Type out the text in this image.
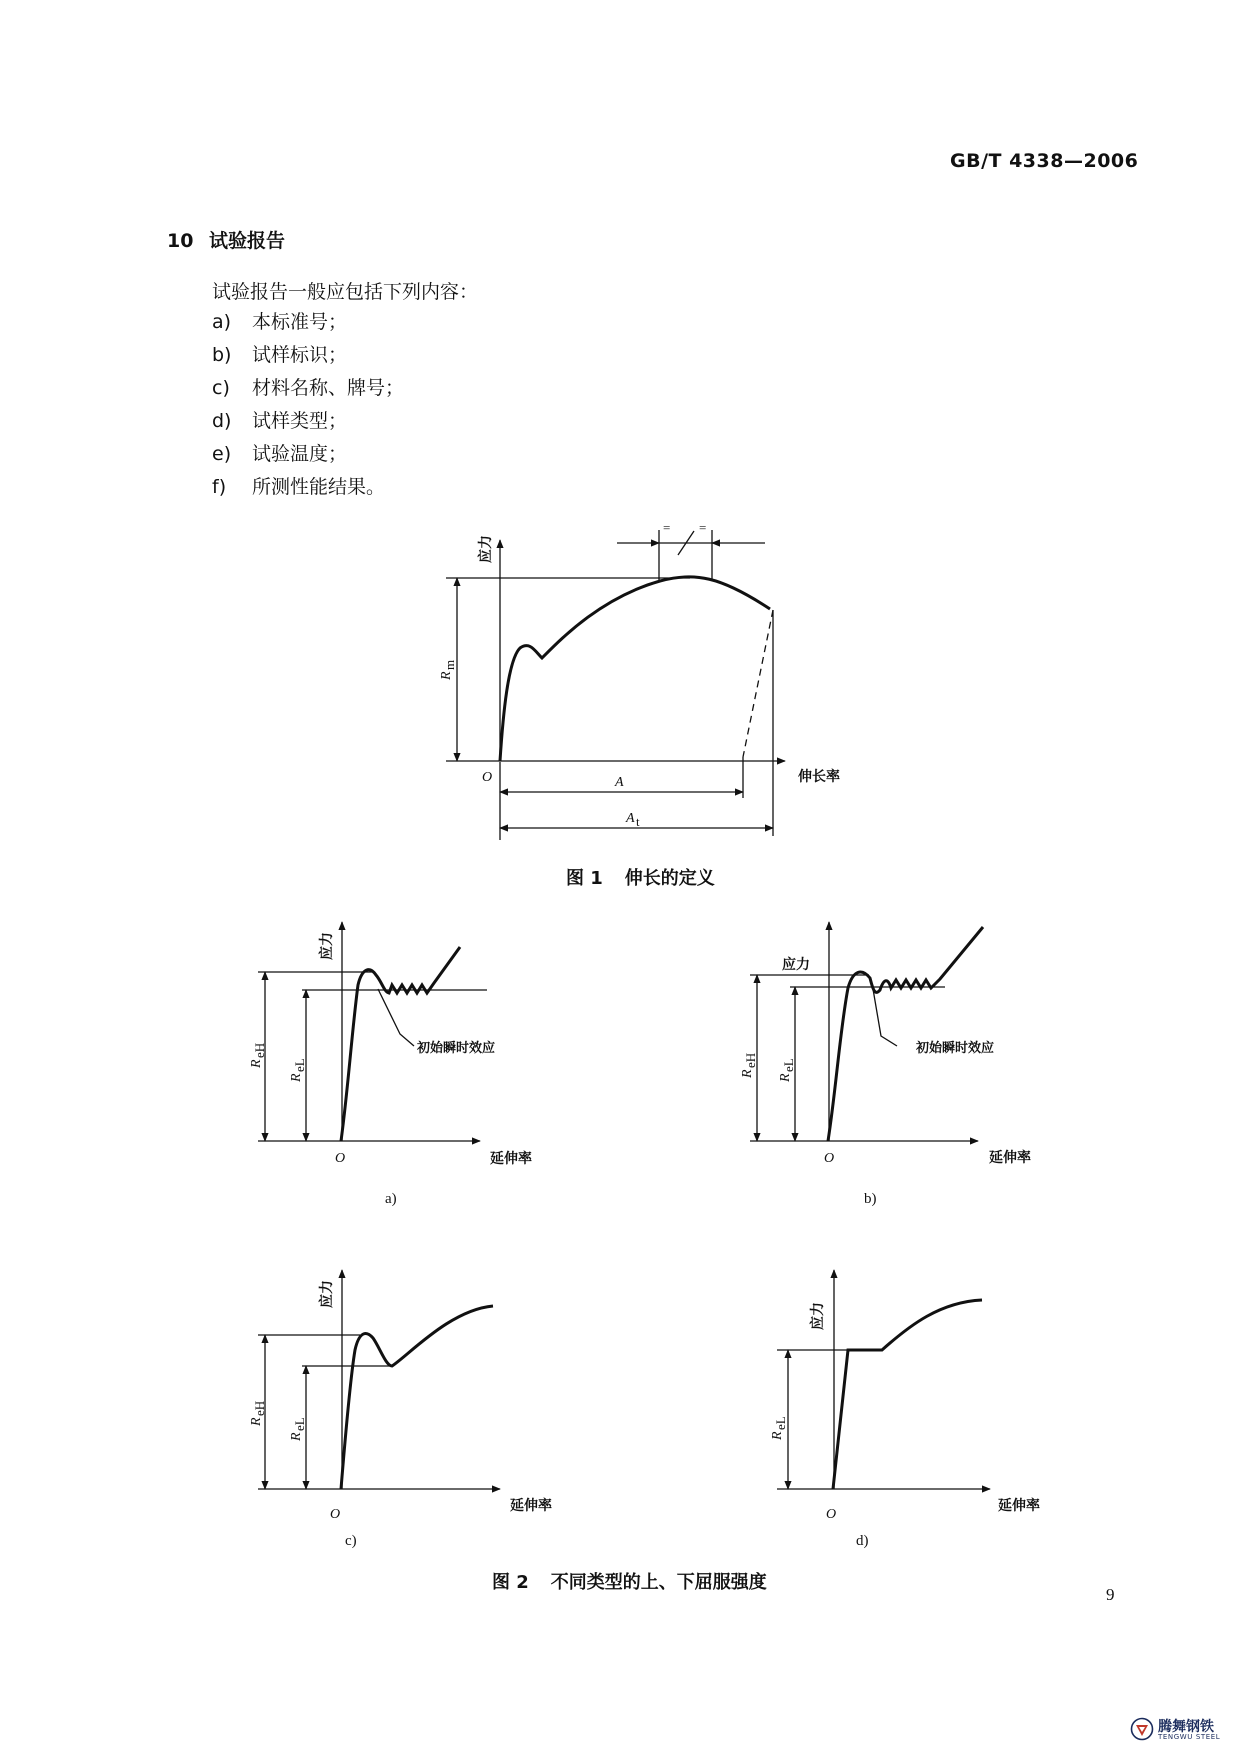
GB/T 4338—2006
10 试验报告
试验报告一般应包括下列内容：
a) 本标准号；
b) 试样标识；
c) 材料名称、牌号；
d) 试样类型；
e) 试验温度；
f) 所测性能结果。
应力
伸长率
O
R
m
A
A t
= =
图 1 伸长的定义
应力
延伸率
O
R
eH
R
eL
初始瞬时效应
a)
应力
延伸率
O
R
eH
R
eL
初始瞬时效应
b)
应力
延伸率
O
R
eH
R
eL
c)
应力
延伸率
O
R
eL
d)
图 2 不同类型的上、下屈服强度
9
腾舞钢铁
TENGWU STEEL
